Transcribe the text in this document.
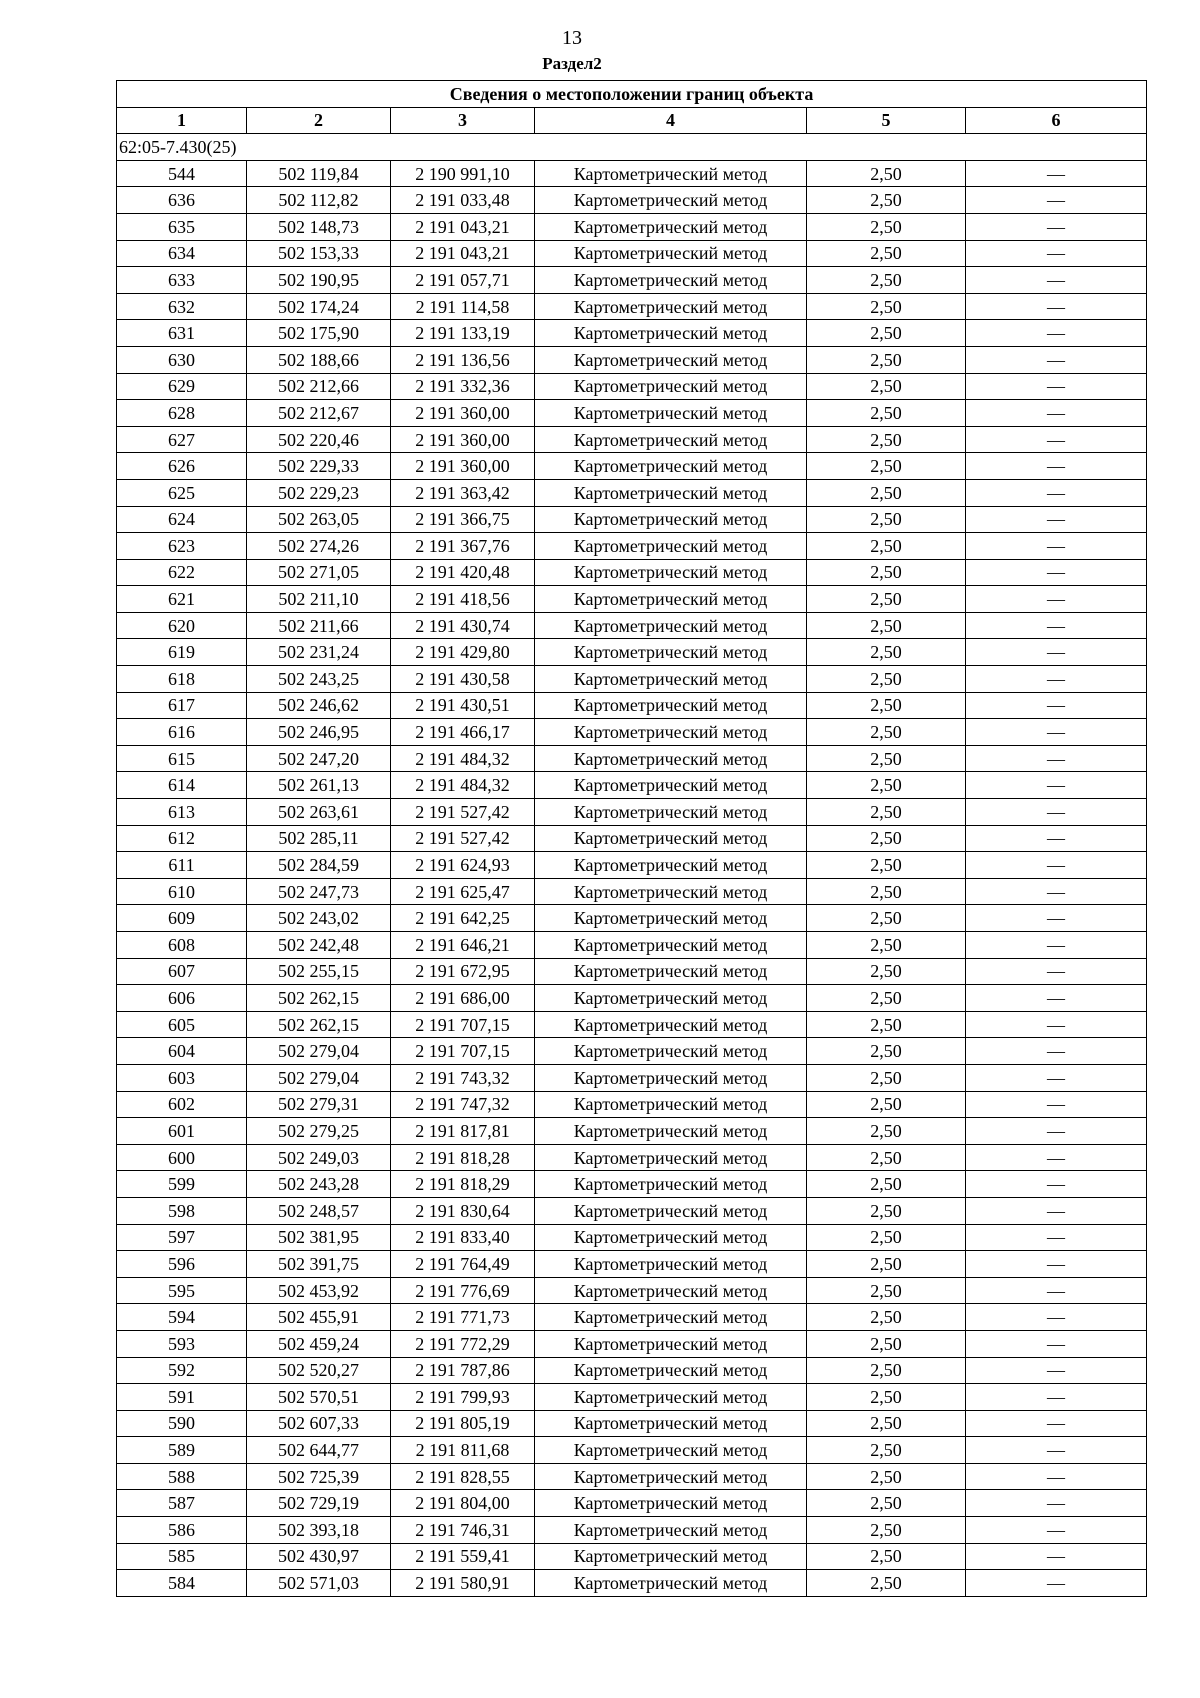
13
Раздел2
Сведения о местоположении границ объекта					
1	2	3	4	5	6
62:05-7.430(25)					
544	502 119,84	2 190 991,10	Картометрический метод	2,50	—
636	502 112,82	2 191 033,48	Картометрический метод	2,50	—
635	502 148,73	2 191 043,21	Картометрический метод	2,50	—
634	502 153,33	2 191 043,21	Картометрический метод	2,50	—
633	502 190,95	2 191 057,71	Картометрический метод	2,50	—
632	502 174,24	2 191 114,58	Картометрический метод	2,50	—
631	502 175,90	2 191 133,19	Картометрический метод	2,50	—
630	502 188,66	2 191 136,56	Картометрический метод	2,50	—
629	502 212,66	2 191 332,36	Картометрический метод	2,50	—
628	502 212,67	2 191 360,00	Картометрический метод	2,50	—
627	502 220,46	2 191 360,00	Картометрический метод	2,50	—
626	502 229,33	2 191 360,00	Картометрический метод	2,50	—
625	502 229,23	2 191 363,42	Картометрический метод	2,50	—
624	502 263,05	2 191 366,75	Картометрический метод	2,50	—
623	502 274,26	2 191 367,76	Картометрический метод	2,50	—
622	502 271,05	2 191 420,48	Картометрический метод	2,50	—
621	502 211,10	2 191 418,56	Картометрический метод	2,50	—
620	502 211,66	2 191 430,74	Картометрический метод	2,50	—
619	502 231,24	2 191 429,80	Картометрический метод	2,50	—
618	502 243,25	2 191 430,58	Картометрический метод	2,50	—
617	502 246,62	2 191 430,51	Картометрический метод	2,50	—
616	502 246,95	2 191 466,17	Картометрический метод	2,50	—
615	502 247,20	2 191 484,32	Картометрический метод	2,50	—
614	502 261,13	2 191 484,32	Картометрический метод	2,50	—
613	502 263,61	2 191 527,42	Картометрический метод	2,50	—
612	502 285,11	2 191 527,42	Картометрический метод	2,50	—
611	502 284,59	2 191 624,93	Картометрический метод	2,50	—
610	502 247,73	2 191 625,47	Картометрический метод	2,50	—
609	502 243,02	2 191 642,25	Картометрический метод	2,50	—
608	502 242,48	2 191 646,21	Картометрический метод	2,50	—
607	502 255,15	2 191 672,95	Картометрический метод	2,50	—
606	502 262,15	2 191 686,00	Картометрический метод	2,50	—
605	502 262,15	2 191 707,15	Картометрический метод	2,50	—
604	502 279,04	2 191 707,15	Картометрический метод	2,50	—
603	502 279,04	2 191 743,32	Картометрический метод	2,50	—
602	502 279,31	2 191 747,32	Картометрический метод	2,50	—
601	502 279,25	2 191 817,81	Картометрический метод	2,50	—
600	502 249,03	2 191 818,28	Картометрический метод	2,50	—
599	502 243,28	2 191 818,29	Картометрический метод	2,50	—
598	502 248,57	2 191 830,64	Картометрический метод	2,50	—
597	502 381,95	2 191 833,40	Картометрический метод	2,50	—
596	502 391,75	2 191 764,49	Картометрический метод	2,50	—
595	502 453,92	2 191 776,69	Картометрический метод	2,50	—
594	502 455,91	2 191 771,73	Картометрический метод	2,50	—
593	502 459,24	2 191 772,29	Картометрический метод	2,50	—
592	502 520,27	2 191 787,86	Картометрический метод	2,50	—
591	502 570,51	2 191 799,93	Картометрический метод	2,50	—
590	502 607,33	2 191 805,19	Картометрический метод	2,50	—
589	502 644,77	2 191 811,68	Картометрический метод	2,50	—
588	502 725,39	2 191 828,55	Картометрический метод	2,50	—
587	502 729,19	2 191 804,00	Картометрический метод	2,50	—
586	502 393,18	2 191 746,31	Картометрический метод	2,50	—
585	502 430,97	2 191 559,41	Картометрический метод	2,50	—
584	502 571,03	2 191 580,91	Картометрический метод	2,50	—
